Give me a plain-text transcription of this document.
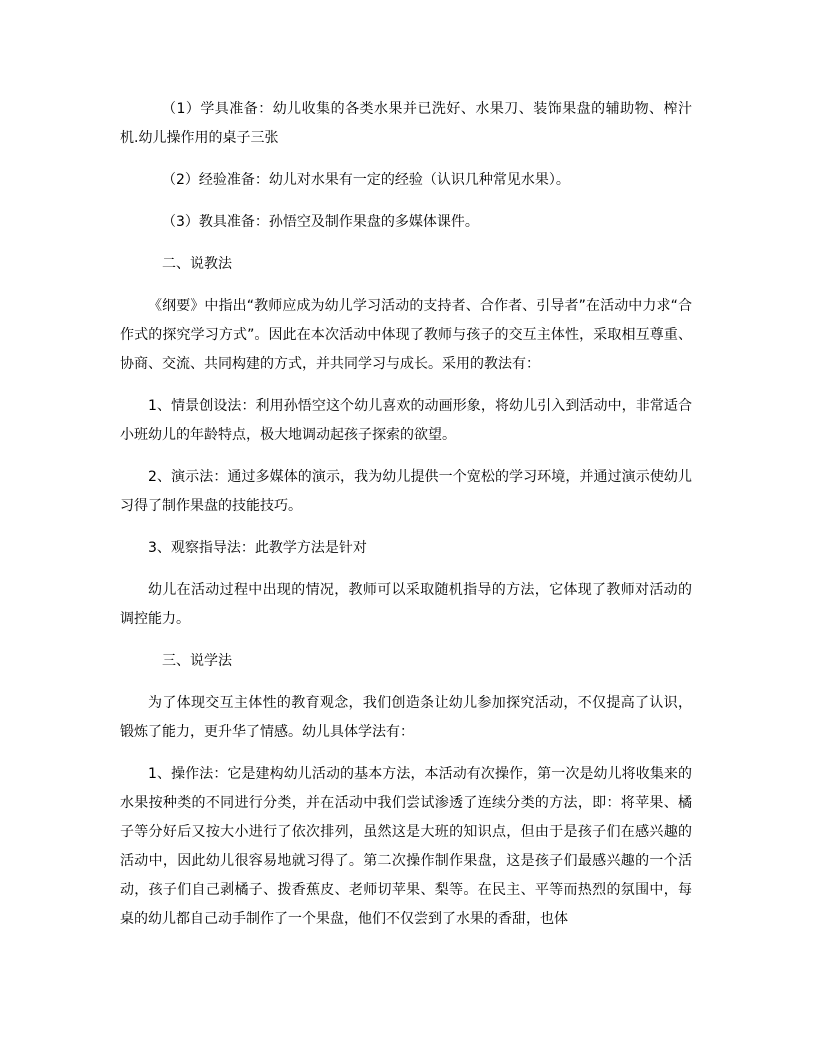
（1）学具准备：幼儿收集的各类水果并已洗好、水果刀、装饰果盘的辅助物、榨汁机.幼儿操作用的桌子三张

（2）经验准备：幼儿对水果有一定的经验（认识几种常见水果）。

（3）教具准备：孙悟空及制作果盘的多媒体课件。

二、说教法

《纲要》中指出“教师应成为幼儿学习活动的支持者、合作者、引导者”在活动中力求“合作式的探究学习方式”。因此在本次活动中体现了教师与孩子的交互主体性，采取相互尊重、协商、交流、共同构建的方式，并共同学习与成长。采用的教法有：

1、情景创设法：利用孙悟空这个幼儿喜欢的动画形象，将幼儿引入到活动中，非常适合小班幼儿的年龄特点，极大地调动起孩子探索的欲望。

2、演示法：通过多媒体的演示，我为幼儿提供一个宽松的学习环境，并通过演示使幼儿习得了制作果盘的技能技巧。

3、观察指导法：此教学方法是针对

幼儿在活动过程中出现的情况，教师可以采取随机指导的方法，它体现了教师对活动的调控能力。

三、说学法

为了体现交互主体性的教育观念，我们创造条让幼儿参加探究活动，不仅提高了认识，锻炼了能力，更升华了情感。幼儿具体学法有：

1、操作法：它是建构幼儿活动的基本方法，本活动有次操作，第一次是幼儿将收集来的水果按种类的不同进行分类，并在活动中我们尝试渗透了连续分类的方法，即：将苹果、橘子等分好后又按大小进行了依次排列，虽然这是大班的知识点，但由于是孩子们在感兴趣的活动中，因此幼儿很容易地就习得了。第二次操作制作果盘，这是孩子们最感兴趣的一个活动，孩子们自己剥橘子、拨香蕉皮、老师切苹果、梨等。在民主、平等而热烈的氛围中，每桌的幼儿都自己动手制作了一个果盘，他们不仅尝到了水果的香甜，也体
